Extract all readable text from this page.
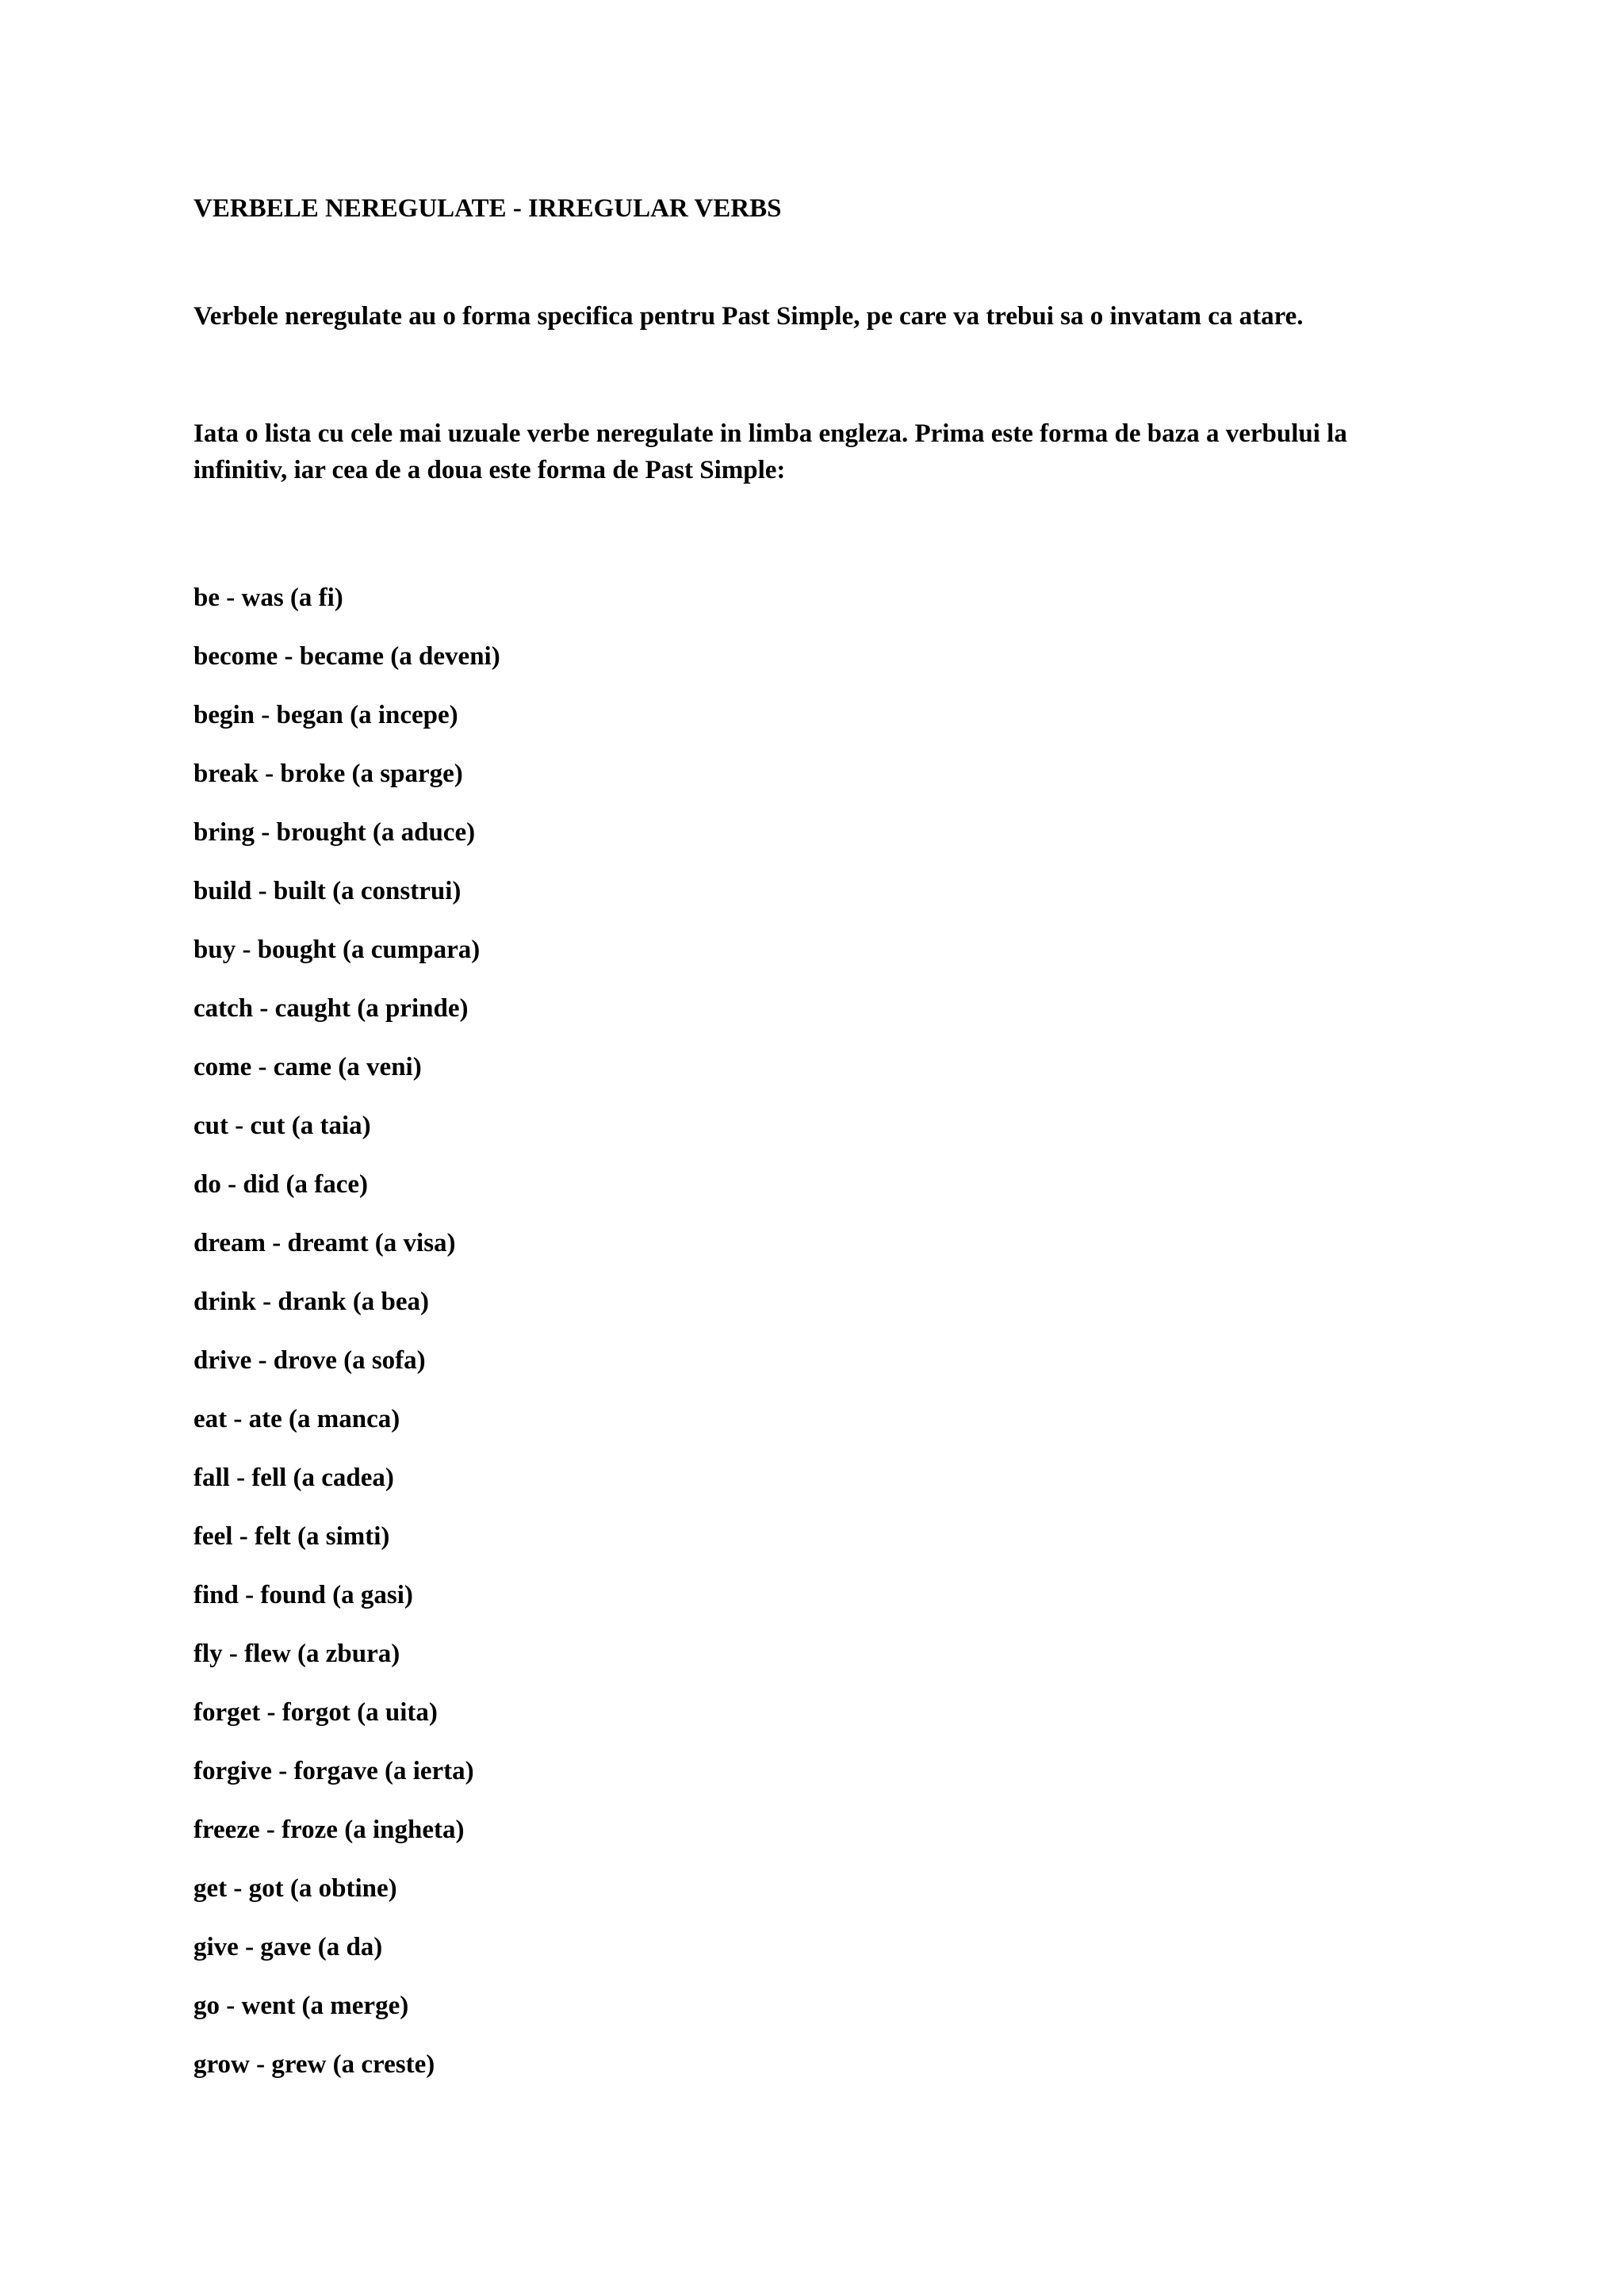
VERBELE NEREGULATE - IRREGULAR VERBS

Verbele neregulate au o forma specifica pentru Past Simple, pe care va trebui sa o invatam ca atare.

Iata o lista cu cele mai uzuale verbe neregulate in limba engleza. Prima este forma de baza a verbului la infinitiv, iar cea de a doua este forma de Past Simple:

be - was (a fi)
become - became (a deveni)
begin - began (a incepe)
break - broke (a sparge)
bring - brought (a aduce)
build - built (a construi)
buy - bought (a cumpara)
catch - caught (a prinde)
come - came (a veni)
cut - cut (a taia)
do - did (a face)
dream - dreamt (a visa)
drink - drank (a bea)
drive - drove (a sofa)
eat - ate (a manca)
fall - fell (a cadea)
feel - felt (a simti)
find - found (a gasi)
fly - flew (a zbura)
forget - forgot (a uita)
forgive - forgave (a ierta)
freeze - froze (a ingheta)
get - got (a obtine)
give - gave (a da)
go - went (a merge)
grow - grew (a creste)
